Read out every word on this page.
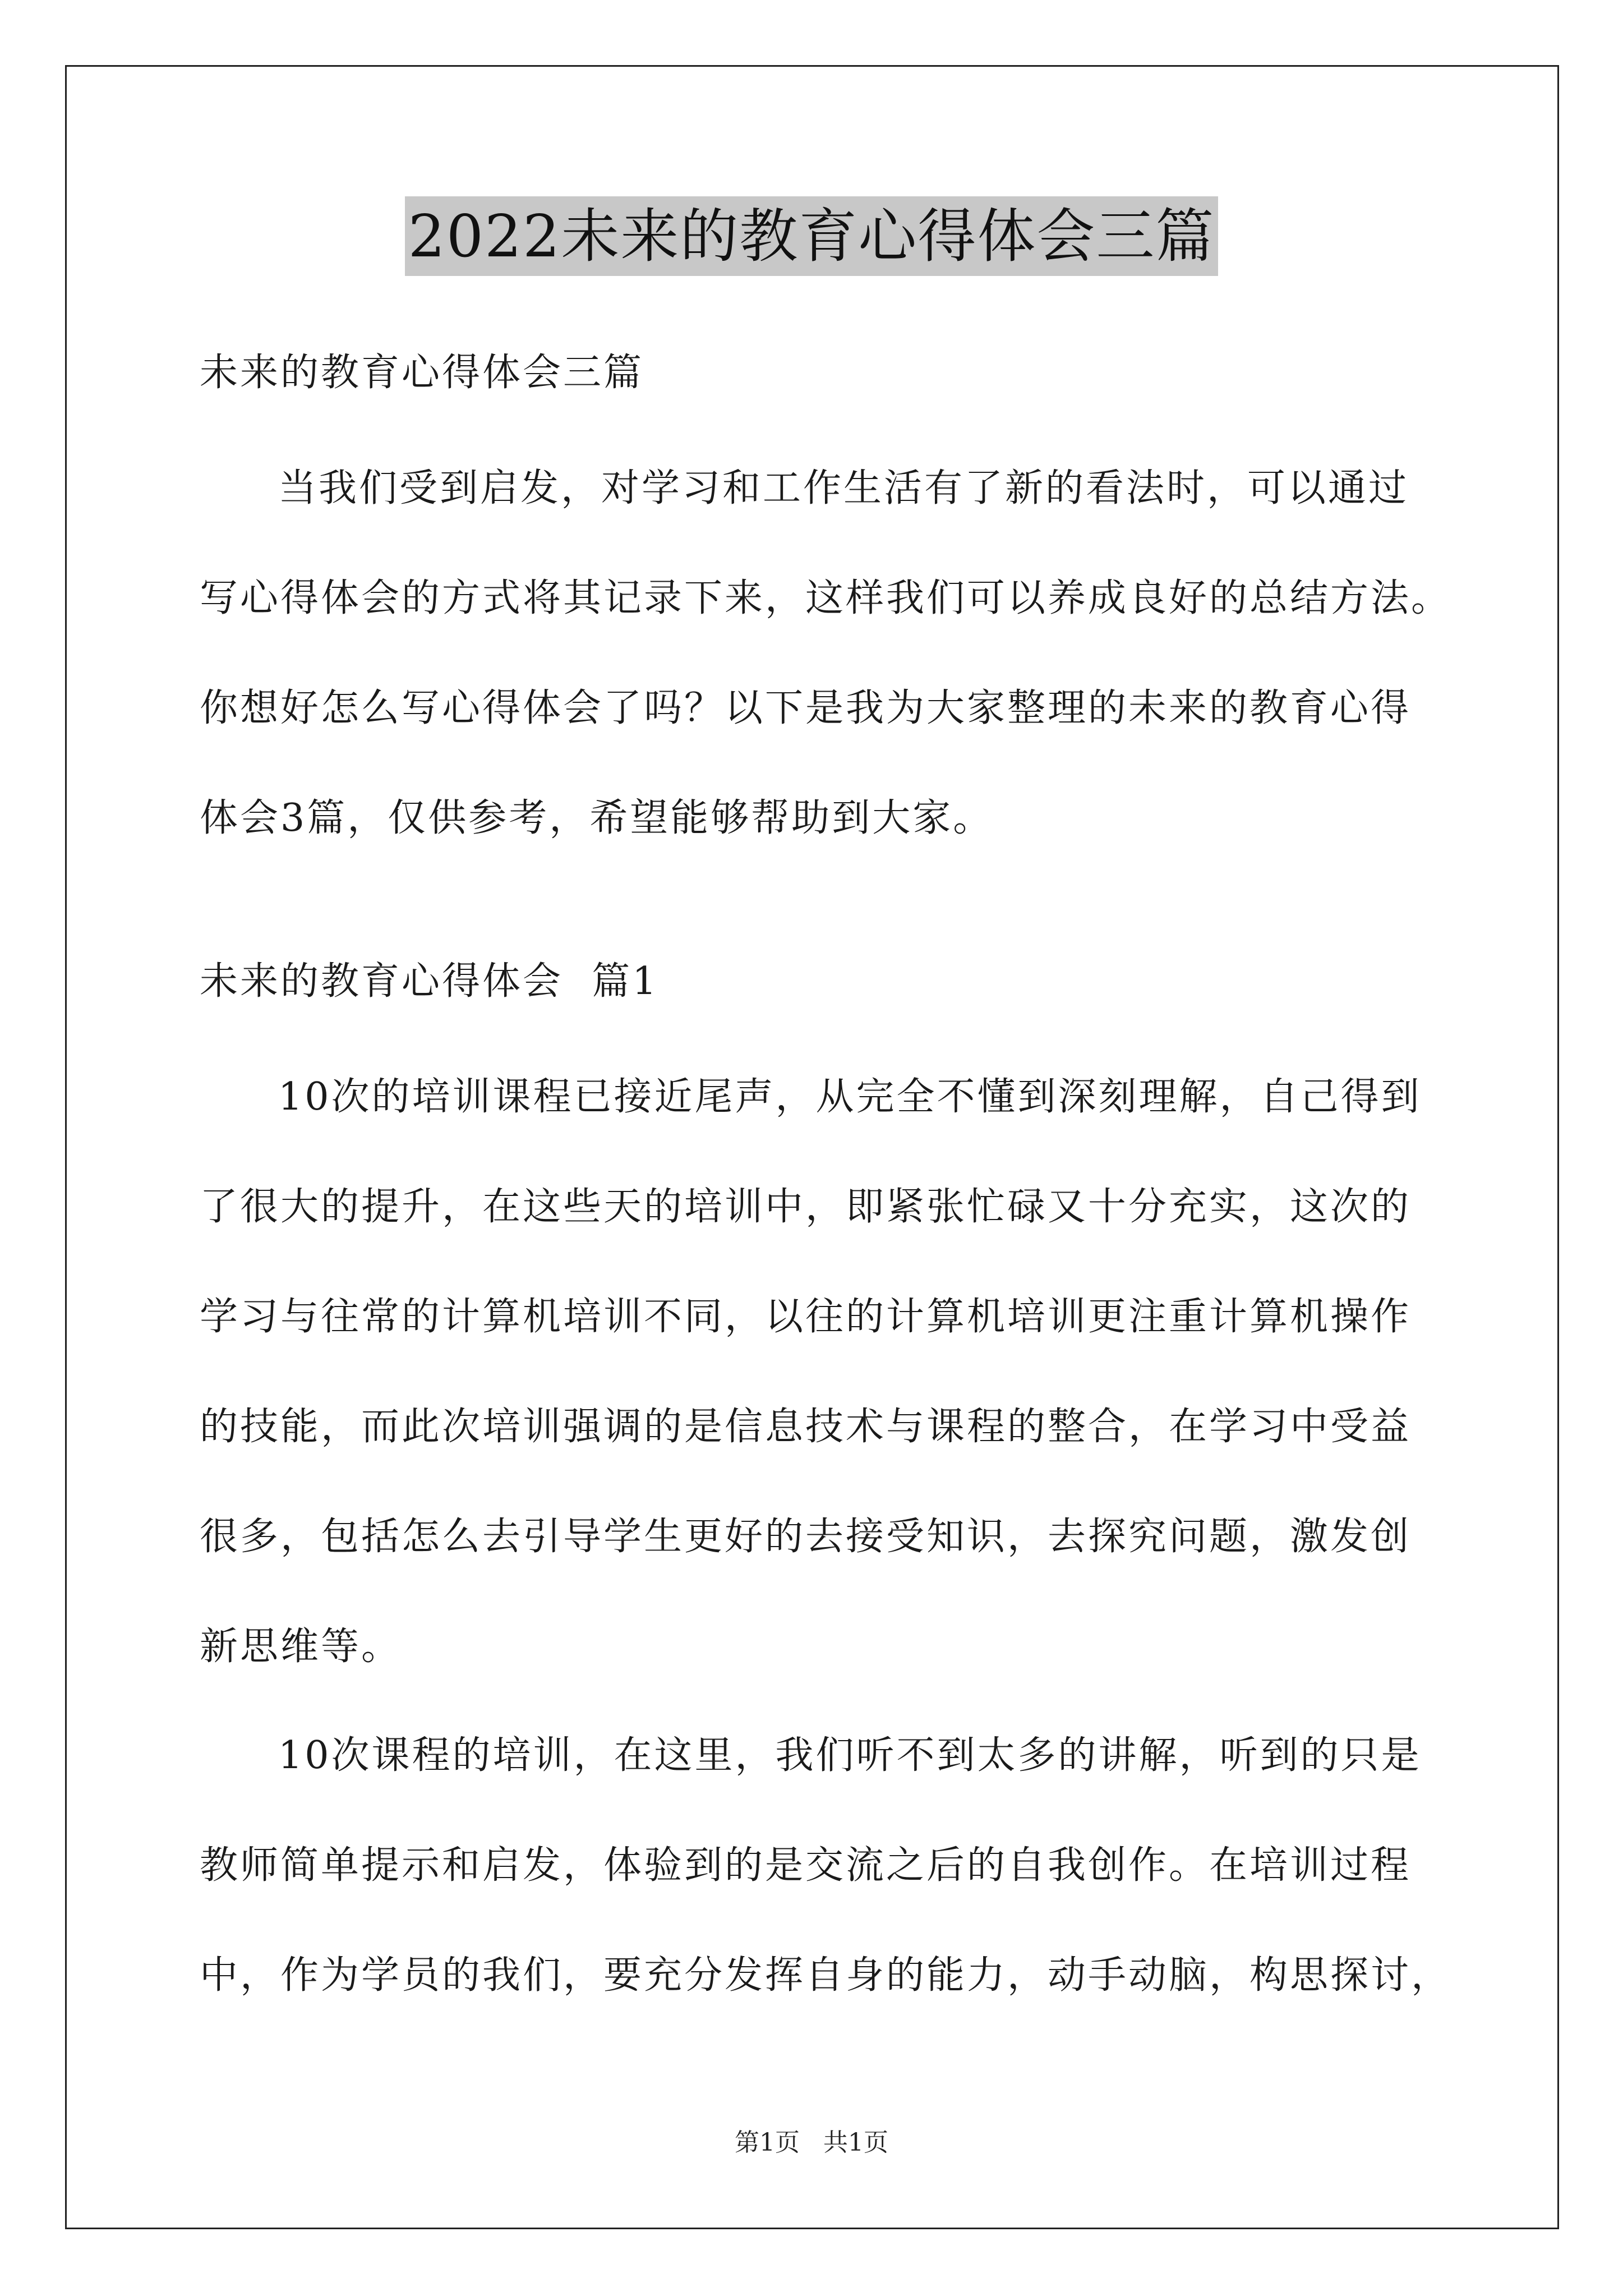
2022未来的教育心得体会三篇
未来的教育心得体会三篇
当我们受到启发，对学习和工作生活有了新的看法时，可以通过
写心得体会的方式将其记录下来，这样我们可以养成良好的总结方法。
你想好怎么写心得体会了吗？以下是我为大家整理的未来的教育心得
体会3篇，仅供参考，希望能够帮助到大家。
未来的教育心得体会  篇1
10次的培训课程已接近尾声，从完全不懂到深刻理解，自己得到
了很大的提升，在这些天的培训中，即紧张忙碌又十分充实，这次的
学习与往常的计算机培训不同，以往的计算机培训更注重计算机操作
的技能，而此次培训强调的是信息技术与课程的整合，在学习中受益
很多，包括怎么去引导学生更好的去接受知识，去探究问题，激发创
新思维等。
10次课程的培训，在这里，我们听不到太多的讲解，听到的只是
教师简单提示和启发，体验到的是交流之后的自我创作。在培训过程
中，作为学员的我们，要充分发挥自身的能力，动手动脑，构思探讨，
第1页   共1页
